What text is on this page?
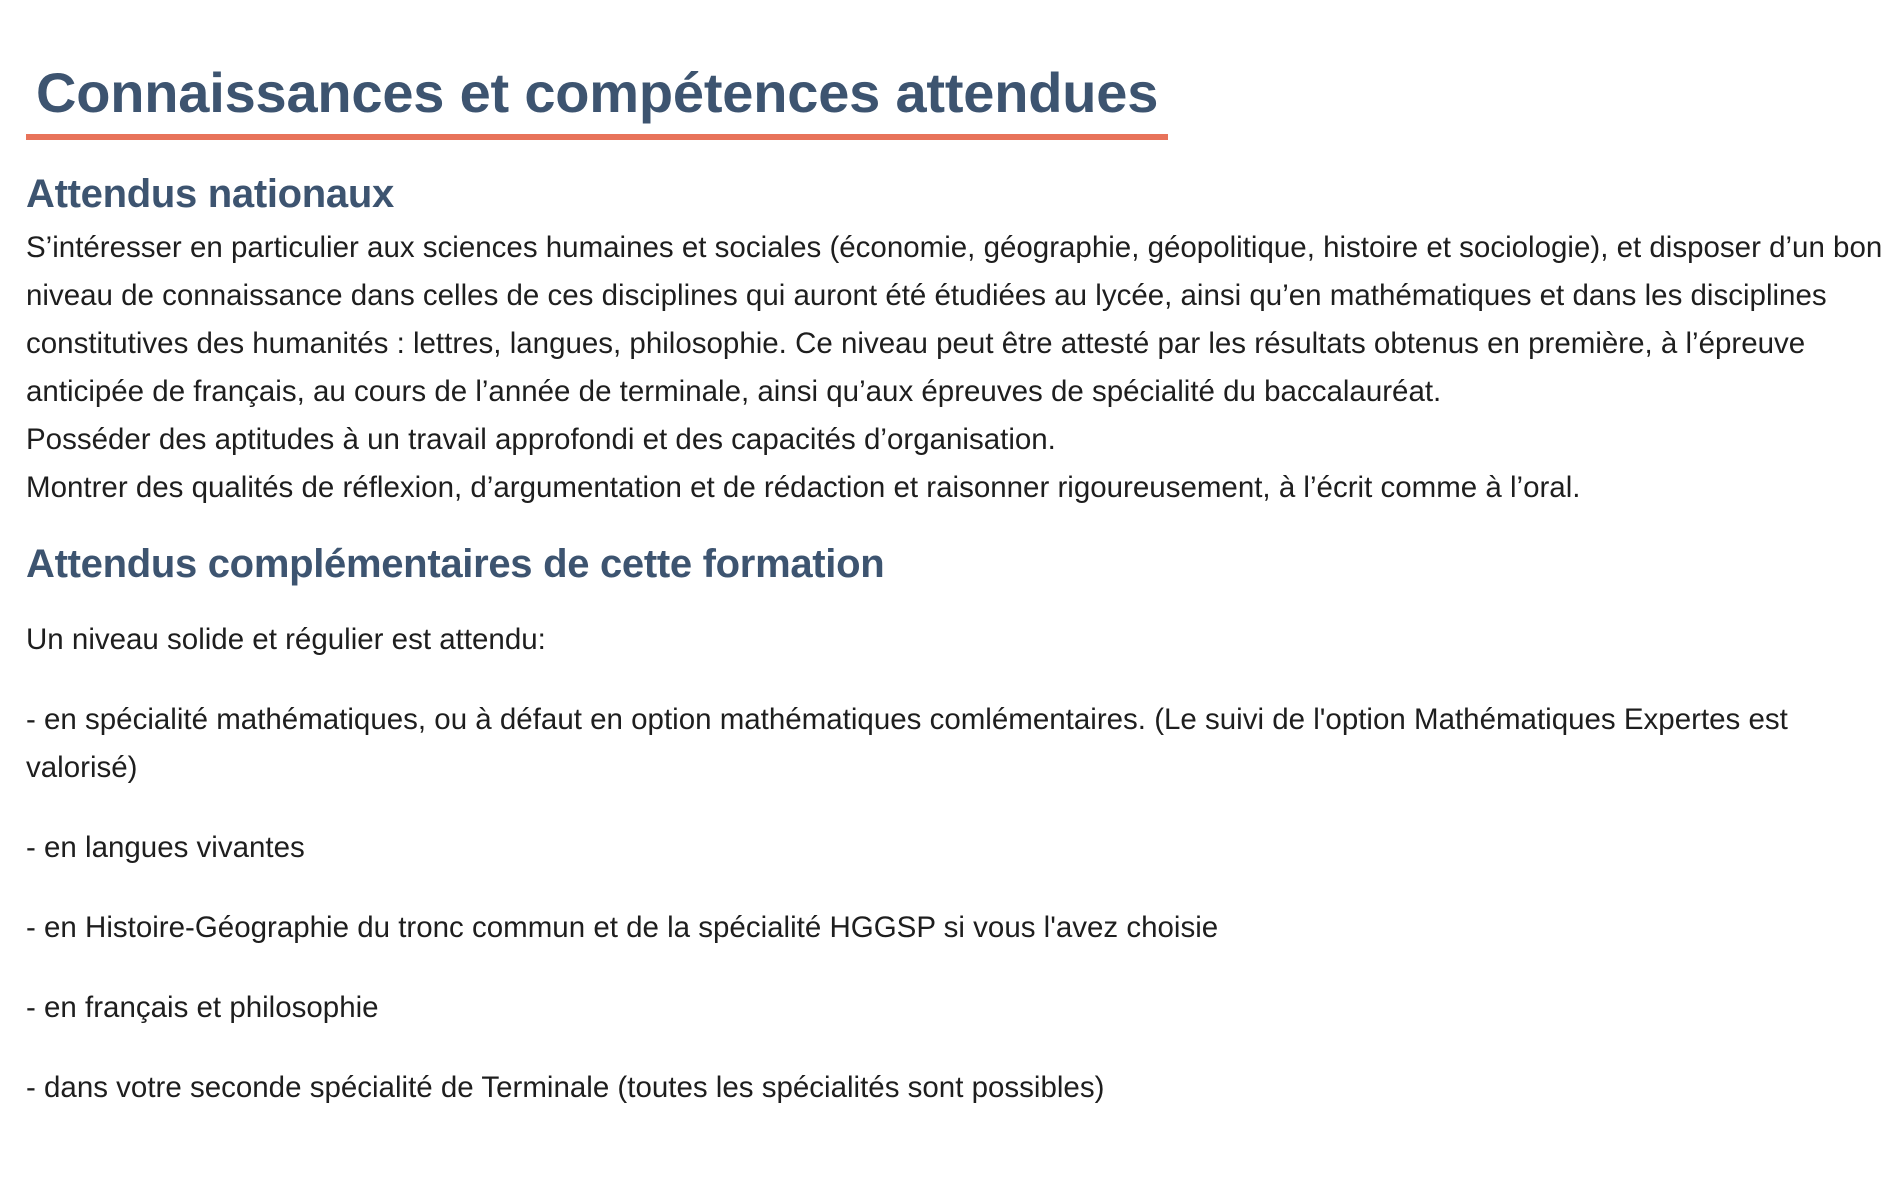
Connaissances et compétences attendues
Attendus nationaux

S’intéresser en particulier aux sciences humaines et sociales (économie, géographie, géopolitique, histoire et sociologie), et disposer d’un bon niveau de connaissance dans celles de ces disciplines qui auront été étudiées au lycée, ainsi qu’en mathématiques et dans les disciplines constitutives des humanités : lettres, langues, philosophie. Ce niveau peut être attesté par les résultats obtenus en première, à l’épreuve anticipée de français, au cours de l’année de terminale, ainsi qu’aux épreuves de spécialité du baccalauréat.

Posséder des aptitudes à un travail approfondi et des capacités d’organisation.

Montrer des qualités de réflexion, d’argumentation et de rédaction et raisonner rigoureusement, à l’écrit comme à l’oral.

Attendus complémentaires de cette formation

Un niveau solide et régulier est attendu:

- en spécialité mathématiques, ou à défaut en option mathématiques comlémentaires. (Le suivi de l'option Mathématiques Expertes est valorisé)

- en langues vivantes

- en Histoire-Géographie du tronc commun et de la spécialité HGGSP si vous l'avez choisie

- en français et philosophie

- dans votre seconde spécialité de Terminale (toutes les spécialités sont possibles)
